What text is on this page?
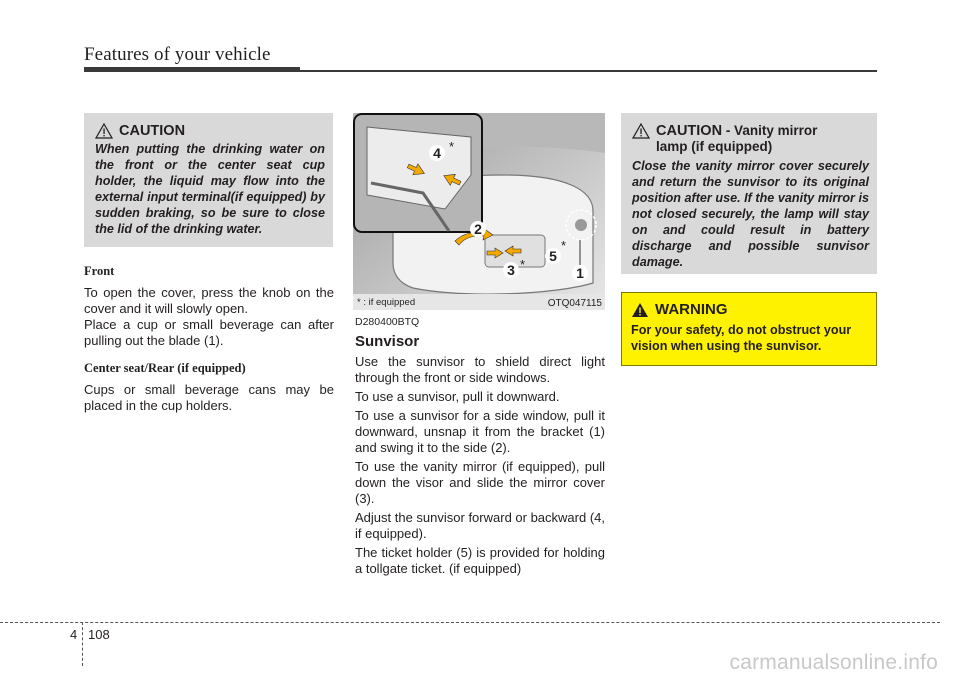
Features of your vehicle
CAUTION

When putting the drinking water on the front or the center seat cup holder, the liquid may flow into the external input terminal(if equipped) by sudden braking, so be sure to close the lid of the drinking water.

Front

To open the cover, press the knob on the cover and it will slowly open.

Place a cup or small beverage can after pulling out the blade (1).

Center seat/Rear (if equipped)

Cups or small beverage cans may be placed in the cup holders.

4 *
2
5
*
3 *
1
* : if equipped	OTQ047115
D280400BTQ
Sunvisor

Use the sunvisor to shield direct light through the front or side windows.

To use a sunvisor, pull it downward.

To use a sunvisor for a side window, pull it downward, unsnap it from the bracket (1) and swing it to the side (2).

To use the vanity mirror (if equipped), pull down the visor and slide the mirror cover (3).

Adjust the sunvisor forward or backward (4, if equipped).

The ticket holder (5) is provided for holding a tollgate ticket. (if equipped)

CAUTION - Vanity mirror
lamp (if equipped)

Close the vanity mirror cover securely and return the sunvisor to its original position after use. If the vanity mirror is not closed securely, the lamp will stay on and could result in battery discharge and possible sunvisor damage.

WARNING

For your safety, do not obstruct your vision when using the sunvisor.

4 108
carmanualsonline.info
